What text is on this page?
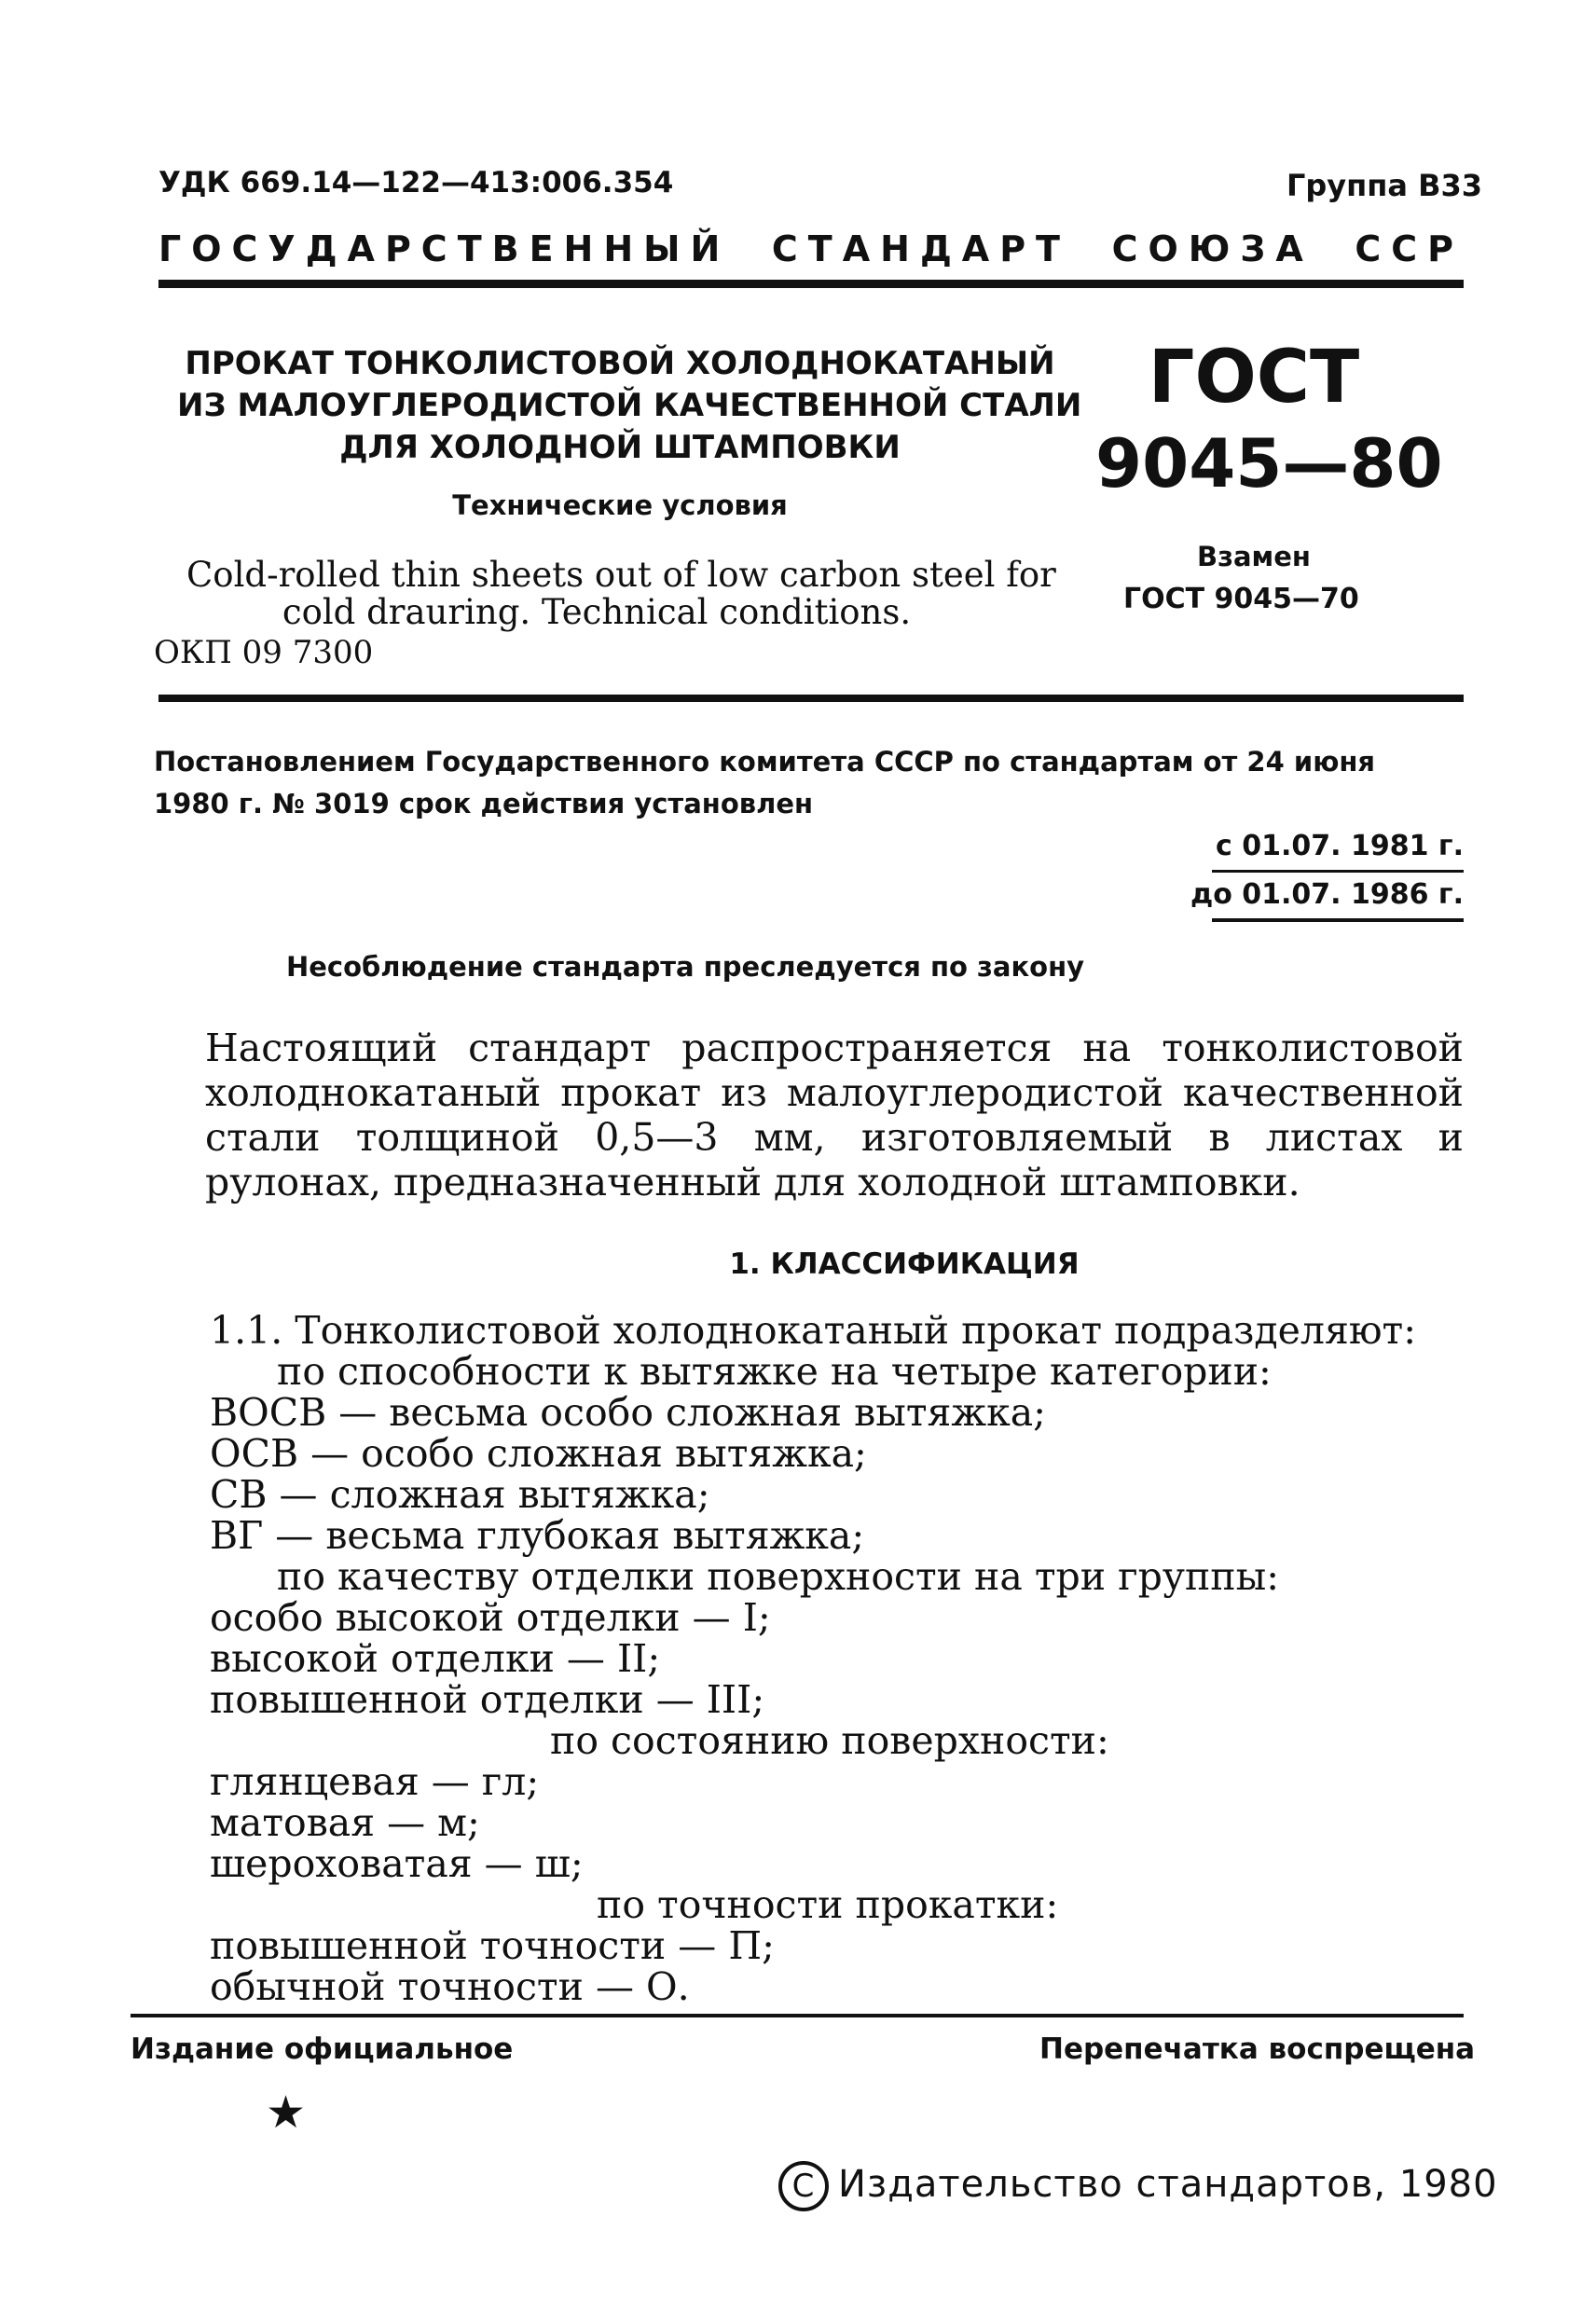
УДК 669.14—122—413:006.354	Группа В33
ГОСУДАРСТВЕННЫЙ СТАНДАРТ СОЮЗА ССР
ПРОКАТ ТОНКОЛИСТОВОЙ ХОЛОДНОКАТАНЫЙ
ИЗ МАЛОУГЛЕРОДИСТОЙ КАЧЕСТВЕННОЙ СТАЛИ
ДЛЯ ХОЛОДНОЙ ШТАМПОВКИ
Технические условия
ГОСТ
9045—80
Cold-rolled thin sheets out of low carbon steel for
cold drauring. Technical conditions.
ОКП 09 7300
Взамен
ГОСТ 9045—70
Постановлением Государственного комитета СССР по стандартам от 24 июня
1980 г. № 3019 срок действия установлен
с 01.07. 1981 г.
до 01.07. 1986 г.
Несоблюдение стандарта преследуется по закону
Настоящий стандарт распространяется на тонколистовой холоднокатаный прокат из малоуглеродистой качественной стали толщиной 0,5—3 мм, изготовляемый в листах и рулонах, предназначенный для холодной штамповки.
1. КЛАССИФИКАЦИЯ
1.1. Тонколистовой холоднокатаный прокат подразделяют:
по способности к вытяжке на четыре категории:
ВОСВ — весьма особо сложная вытяжка;
ОСВ — особо сложная вытяжка;
СВ — сложная вытяжка;
ВГ — весьма глубокая вытяжка;
по качеству отделки поверхности на три группы:
особо высокой отделки — I;
высокой отделки — II;
повышенной отделки — III;
по состоянию поверхности:
глянцевая — гл;
матовая — м;
шероховатая — ш;
по точности прокатки:
повышенной точности — П;
обычной точности — О.
Издание официальное	Перепечатка воспрещена
★
C Издательство стандартов, 1980
